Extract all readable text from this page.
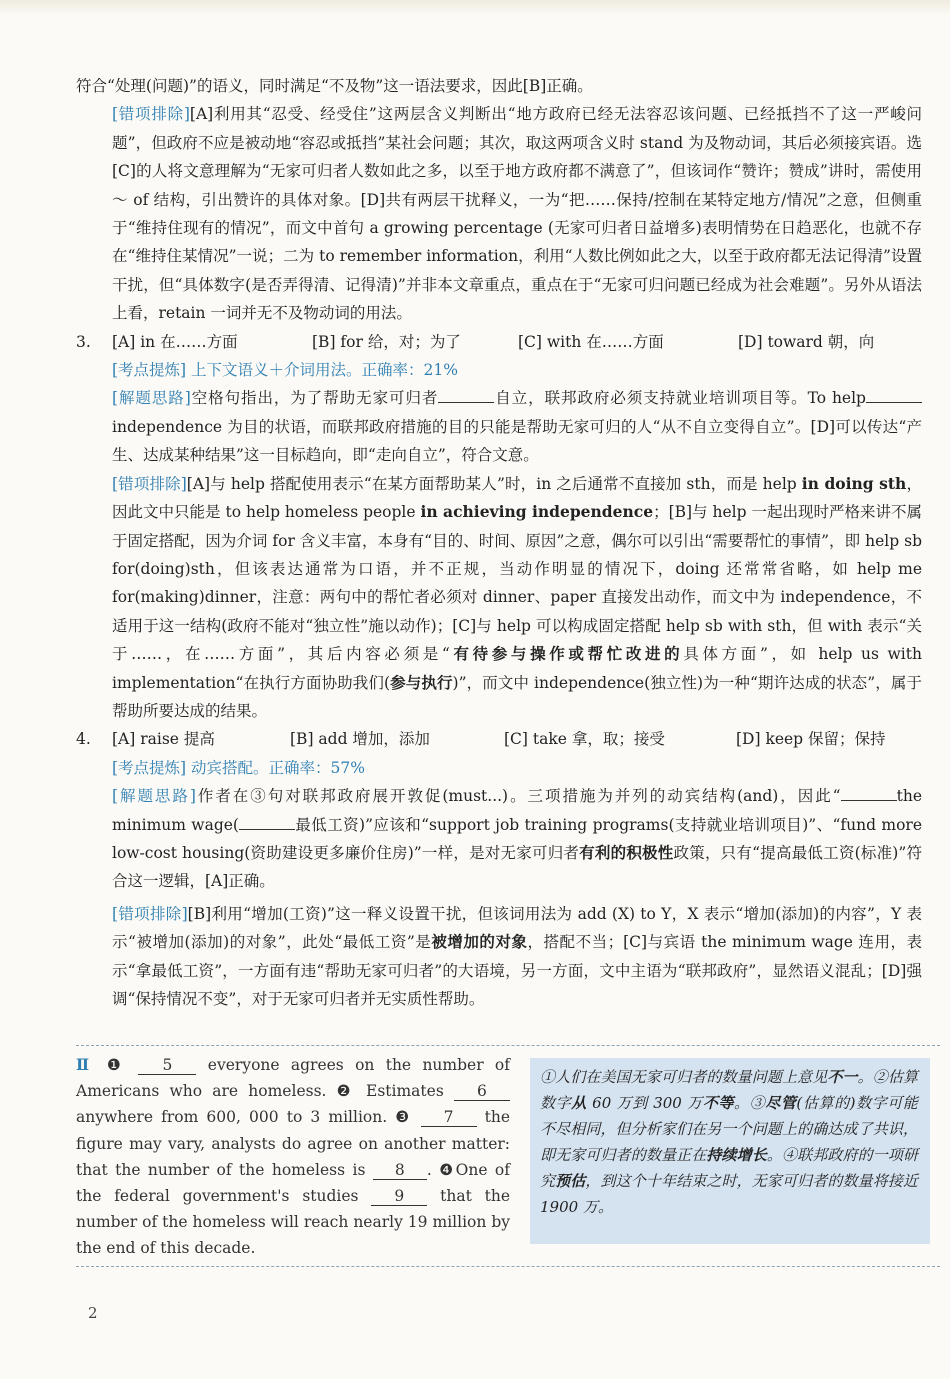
符合“处理(问题)”的语义，同时满足“不及物”这一语法要求，因此[B]正确。

[错项排除][A]利用其“忍受、经受住”这两层含义判断出“地方政府已经无法容忍该问题、已经抵挡不了这一严峻问题”，但政府不应是被动地“容忍或抵挡”某社会问题；其次，取这两项含义时 stand 为及物动词，其后必须接宾语。选[C]的人将文意理解为“无家可归者人数如此之多，以至于地方政府都不满意了”，但该词作“赞许；赞成”讲时，需使用～ of 结构，引出赞许的具体对象。[D]共有两层干扰释义，一为“把……保持/控制在某特定地方/情况”之意，但侧重于“维持住现有的情况”，而文中首句 a growing percentage (无家可归者日益增多)表明情势在日趋恶化，也就不存在“维持住某情况”一说；二为 to remember information，利用“人数比例如此之大，以至于政府都无法记得清”设置干扰，但“具体数字(是否弄得清、记得清)”并非本文章重点，重点在于“无家可归问题已经成为社会难题”。另外从语法上看，retain 一词并无不及物动词的用法。

3.	[A] in 在……方面	[B] for 给，对；为了	[C] with 在……方面	[D] toward 朝，向

[考点提炼] 上下文语义＋介词用法。正确率：21%

[解题思路]空格句指出，为了帮助无家可归者	自立，联邦政府必须支持就业培训项目等。To helpindependence 为目的状语，而联邦政府措施的目的只能是帮助无家可归的人“从不自立变得自立”。[D]可以传达“产生、达成某种结果”这一目标趋向，即“走向自立”，符合文意。

[错项排除][A]与 help 搭配使用表示“在某方面帮助某人”时，in 之后通常不直接加 sth，而是 help in doing sth，因此文中只能是 to help homeless people in achieving independence；[B]与 help 一起出现时严格来讲不属于固定搭配，因为介词 for 含义丰富，本身有“目的、时间、原因”之意，偶尔可以引出“需要帮忙的事情”，即 help sb for(doing)sth，但该表达通常为口语，并不正规，当动作明显的情况下，doing 还常常省略，如 help me for(making)dinner，注意：两句中的帮忙者必须对 dinner、paper 直接发出动作，而文中为 independence，不适用于这一结构(政府不能对“独立性”施以动作)；[C]与 help 可以构成固定搭配 help sb with sth，但 with 表示“关于……，在……方面”，其后内容必须是“有待参与操作或帮忙改进的具体方面”，如 help us with implementation“在执行方面协助我们(参与执行)”，而文中 independence(独立性)为一种“期许达成的状态”，属于帮助所要达成的结果。

4.	[A] raise 提高	[B] add 增加，添加	[C] take 拿，取；接受	[D] keep 保留；保持

[考点提炼] 动宾搭配。正确率：57%

[解题思路]作者在③句对联邦政府展开敦促(must...)。三项措施为并列的动宾结构(and)，因此“	the minimum wage(	最低工资)”应该和“support job training programs(支持就业培训项目)”、“fund more low-cost housing(资助建设更多廉价住房)”一样，是对无家可归者有利的积极性政策，只有“提高最低工资(标准)”符合这一逻辑，[A]正确。

[错项排除][B]利用“增加(工资)”这一释义设置干扰，但该词用法为 add (X) to Y，X 表示“增加(添加)的内容”，Y 表示“被增加(添加)的对象”，此处“最低工资”是被增加的对象，搭配不当；[C]与宾语 the minimum wage 连用，表示“拿最低工资”，一方面有违“帮助无家可归者”的大语境，另一方面，文中主语为“联邦政府”，显然语义混乱；[D]强调“保持情况不变”，对于无家可归者并无实质性帮助。

Ⅱ ❶ 5 everyone agrees on the number of Americans who are homeless. ❷ Estimates 6 anywhere from 600, 000 to 3 million. ❸ 7 the figure may vary, analysts do agree on another matter: that the number of the homeless is 8 . ❹One of the federal government's studies 9 that the number of the homeless will reach nearly 19 million by the end of this decade.
①人们在美国无家可归者的数量问题上意见不一。②估算数字从 60 万到 300 万不等。③尽管(估算的)数字可能不尽相同，但分析家们在另一个问题上的确达成了共识，即无家可归者的数量正在持续增长。④联邦政府的一项研究预估，到这个十年结束之时，无家可归者的数量将接近 1900 万。
2
